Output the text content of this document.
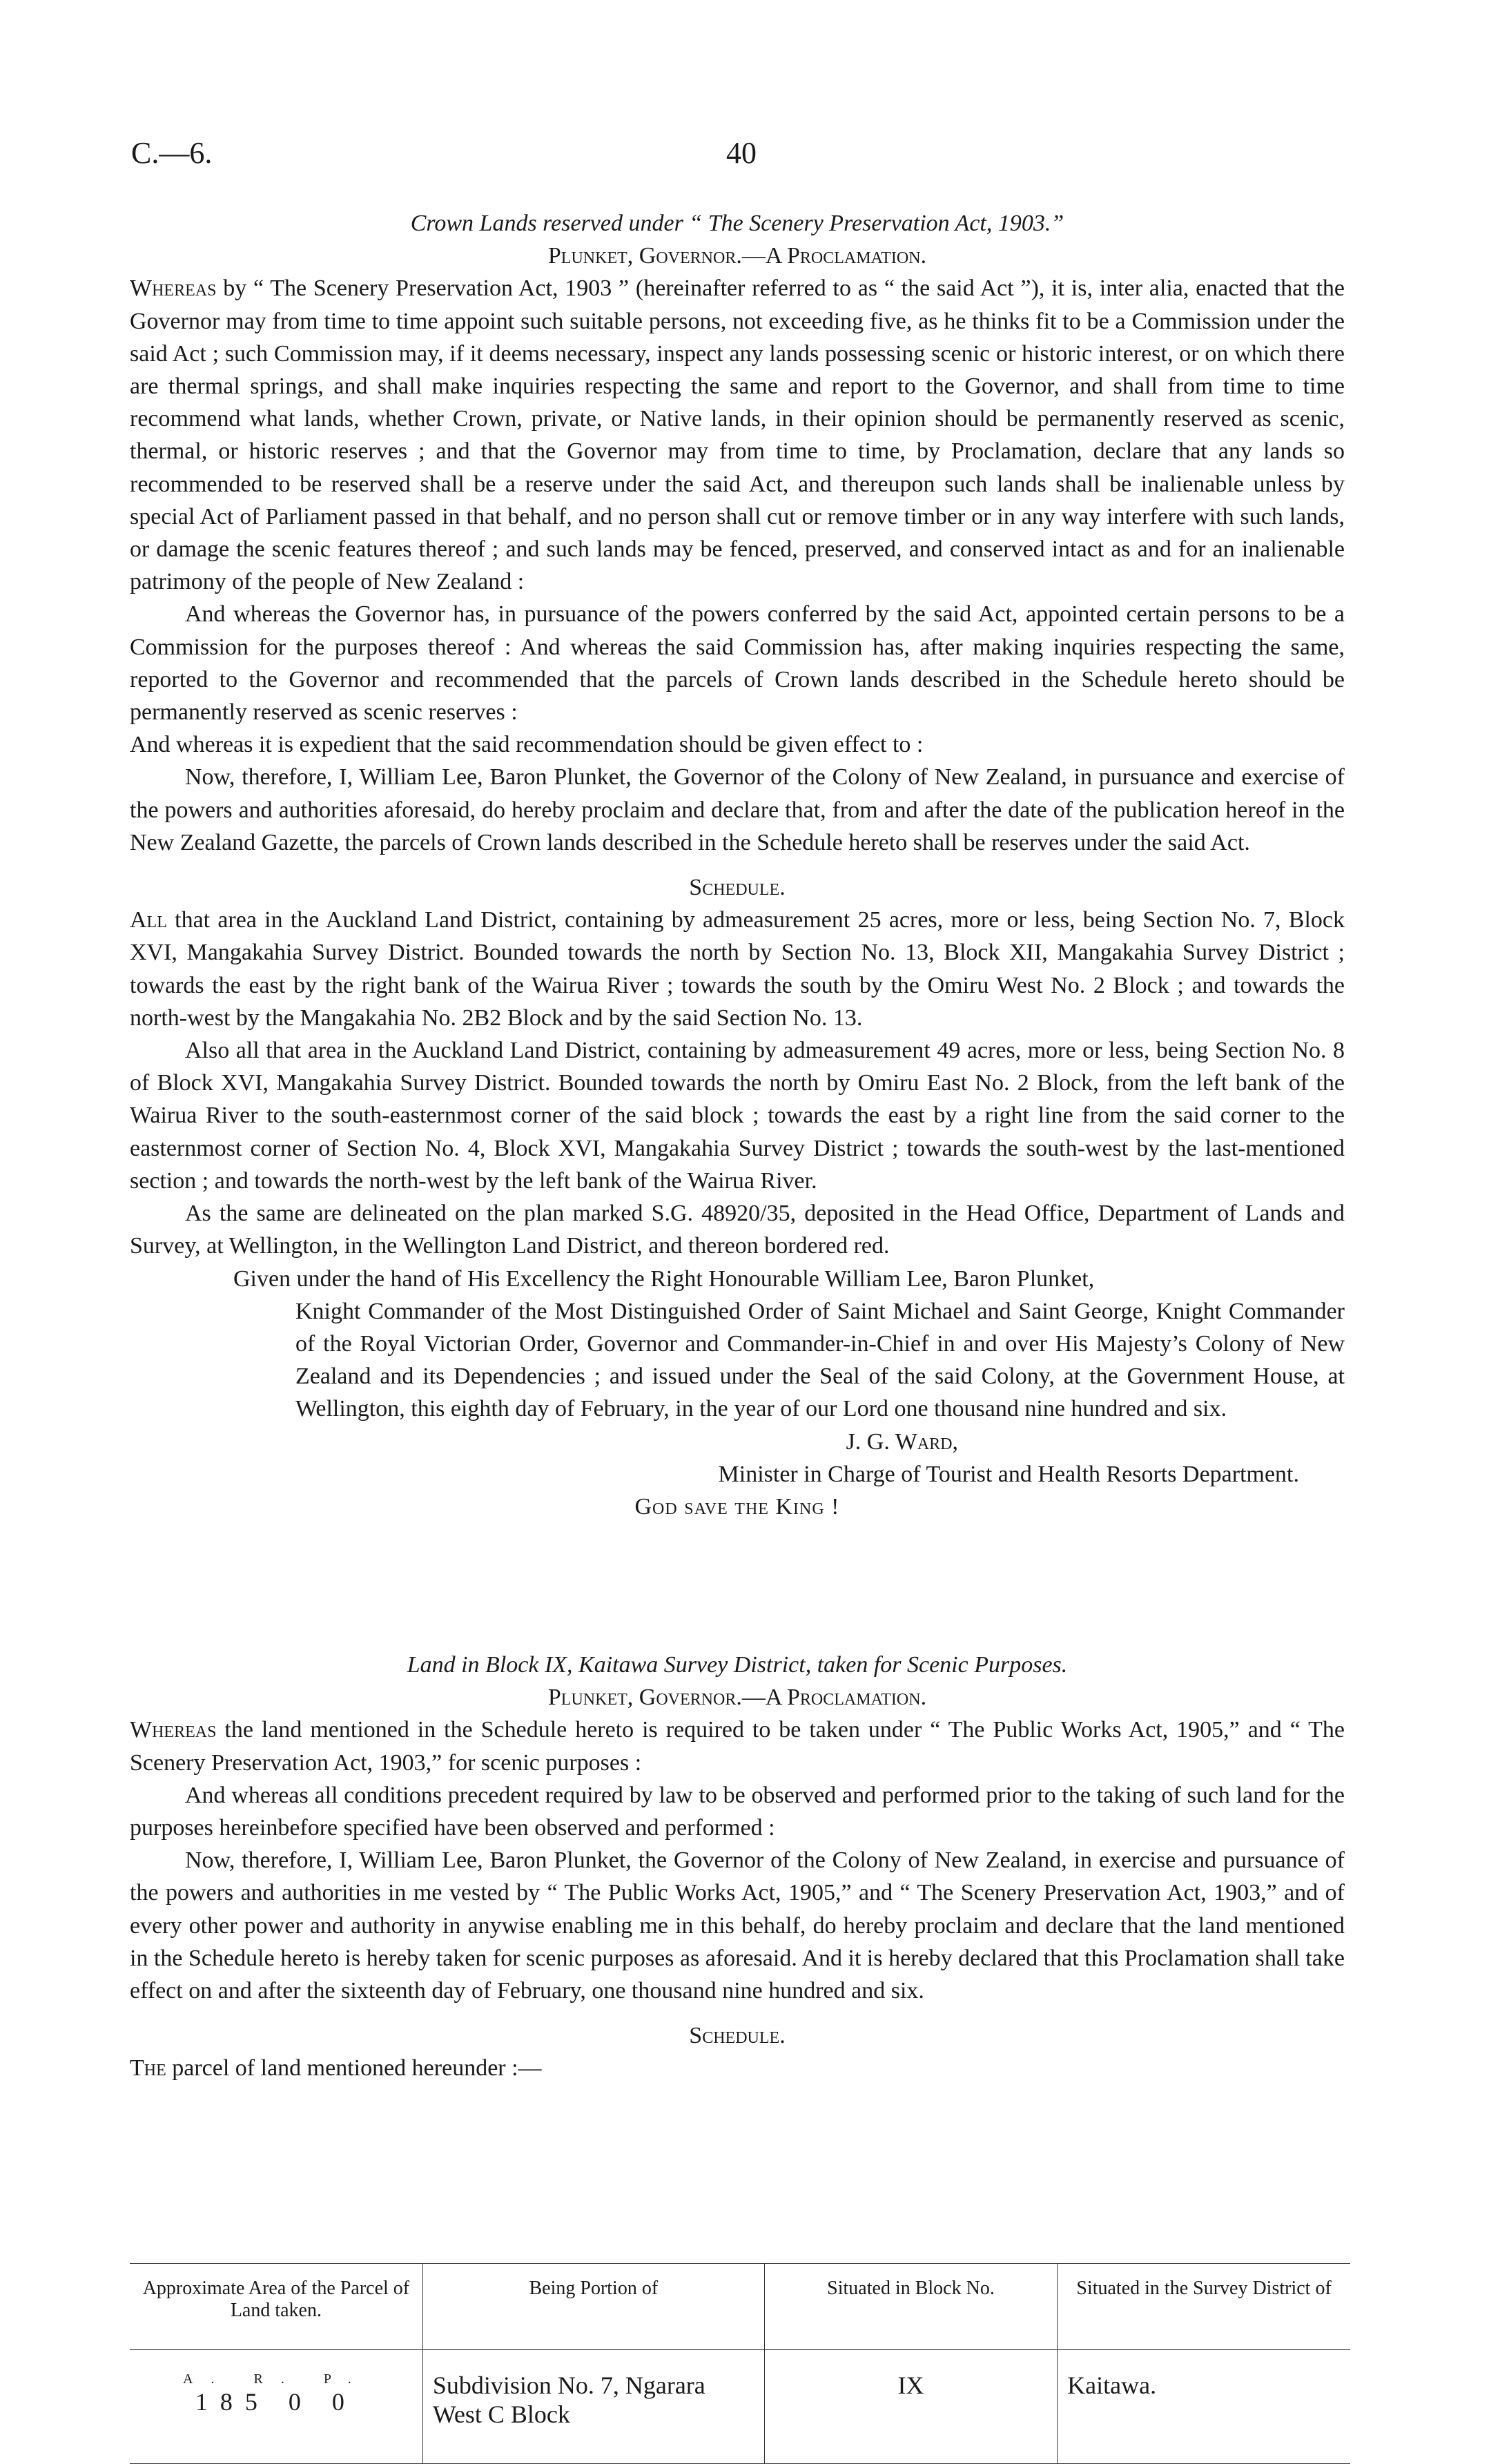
C.—6.	40
Crown Lands reserved under “ The Scenery Preservation Act, 1903.”
Plunket, Governor.—A Proclamation.

Whereas by “ The Scenery Preservation Act, 1903 ” (hereinafter referred to as “ the said Act ”), it is, inter alia, enacted that the Governor may from time to time appoint such suitable persons, not exceeding five, as he thinks fit to be a Commission under the said Act ; such Commission may, if it deems necessary, inspect any lands possessing scenic or historic interest, or on which there are thermal springs, and shall make inquiries respecting the same and report to the Governor, and shall from time to time recommend what lands, whether Crown, private, or Native lands, in their opinion should be permanently reserved as scenic, thermal, or historic reserves ; and that the Governor may from time to time, by Proclamation, declare that any lands so recommended to be reserved shall be a reserve under the said Act, and thereupon such lands shall be inalienable unless by special Act of Parliament passed in that behalf, and no person shall cut or remove timber or in any way interfere with such lands, or damage the scenic features thereof ; and such lands may be fenced, preserved, and conserved intact as and for an inalienable patrimony of the people of New Zealand :

And whereas the Governor has, in pursuance of the powers conferred by the said Act, appointed certain persons to be a Commission for the purposes thereof : And whereas the said Commission has, after making inquiries respecting the same, reported to the Governor and recommended that the parcels of Crown lands described in the Schedule hereto should be permanently reserved as scenic reserves :

And whereas it is expedient that the said recommendation should be given effect to :

Now, therefore, I, William Lee, Baron Plunket, the Governor of the Colony of New Zealand, in pursuance and exercise of the powers and authorities aforesaid, do hereby proclaim and declare that, from and after the date of the publication hereof in the New Zealand Gazette, the parcels of Crown lands described in the Schedule hereto shall be reserves under the said Act.

Schedule.

All that area in the Auckland Land District, containing by admeasurement 25 acres, more or less, being Section No. 7, Block XVI, Mangakahia Survey District. Bounded towards the north by Section No. 13, Block XII, Mangakahia Survey District ; towards the east by the right bank of the Wairua River ; towards the south by the Omiru West No. 2 Block ; and towards the north-west by the Mangakahia No. 2B2 Block and by the said Section No. 13.

Also all that area in the Auckland Land District, containing by admeasurement 49 acres, more or less, being Section No. 8 of Block XVI, Mangakahia Survey District. Bounded towards the north by Omiru East No. 2 Block, from the left bank of the Wairua River to the south-easternmost corner of the said block ; towards the east by a right line from the said corner to the easternmost corner of Section No. 4, Block XVI, Mangakahia Survey District ; towards the south-west by the last-mentioned section ; and towards the north-west by the left bank of the Wairua River.

As the same are delineated on the plan marked S.G. 48920/35, deposited in the Head Office, Department of Lands and Survey, at Wellington, in the Wellington Land District, and thereon bordered red.

Given under the hand of His Excellency the Right Honourable William Lee, Baron Plunket,

Knight Commander of the Most Distinguished Order of Saint Michael and Saint George, Knight Commander of the Royal Victorian Order, Governor and Commander-in-Chief in and over His Majesty’s Colony of New Zealand and its Dependencies ; and issued under the Seal of the said Colony, at the Government House, at Wellington, this eighth day of February, in the year of our Lord one thousand nine hundred and six.

J. G. Ward,
Minister in Charge of Tourist and Health Resorts Department.
God save the King !
Land in Block IX, Kaitawa Survey District, taken for Scenic Purposes.
Plunket, Governor.—A Proclamation.

Whereas the land mentioned in the Schedule hereto is required to be taken under “ The Public Works Act, 1905,” and “ The Scenery Preservation Act, 1903,” for scenic purposes :

And whereas all conditions precedent required by law to be observed and performed prior to the taking of such land for the purposes hereinbefore specified have been observed and performed :

Now, therefore, I, William Lee, Baron Plunket, the Governor of the Colony of New Zealand, in exercise and pursuance of the powers and authorities in me vested by “ The Public Works Act, 1905,” and “ The Scenery Preservation Act, 1903,” and of every other power and authority in anywise enabling me in this behalf, do hereby proclaim and declare that the land mentioned in the Schedule hereto is hereby taken for scenic purposes as aforesaid. And it is hereby declared that this Proclamation shall take effect on and after the sixteenth day of February, one thousand nine hundred and six.

Schedule.

The parcel of land mentioned hereunder :—

Approximate Area of the Parcel of Land taken.	Being Portion of	Situated in Block No.	Situated in the Survey District of

A. R. P.
185 0 0	Subdivision No. 7, Ngarara West C Block	IX	Kaitawa.
